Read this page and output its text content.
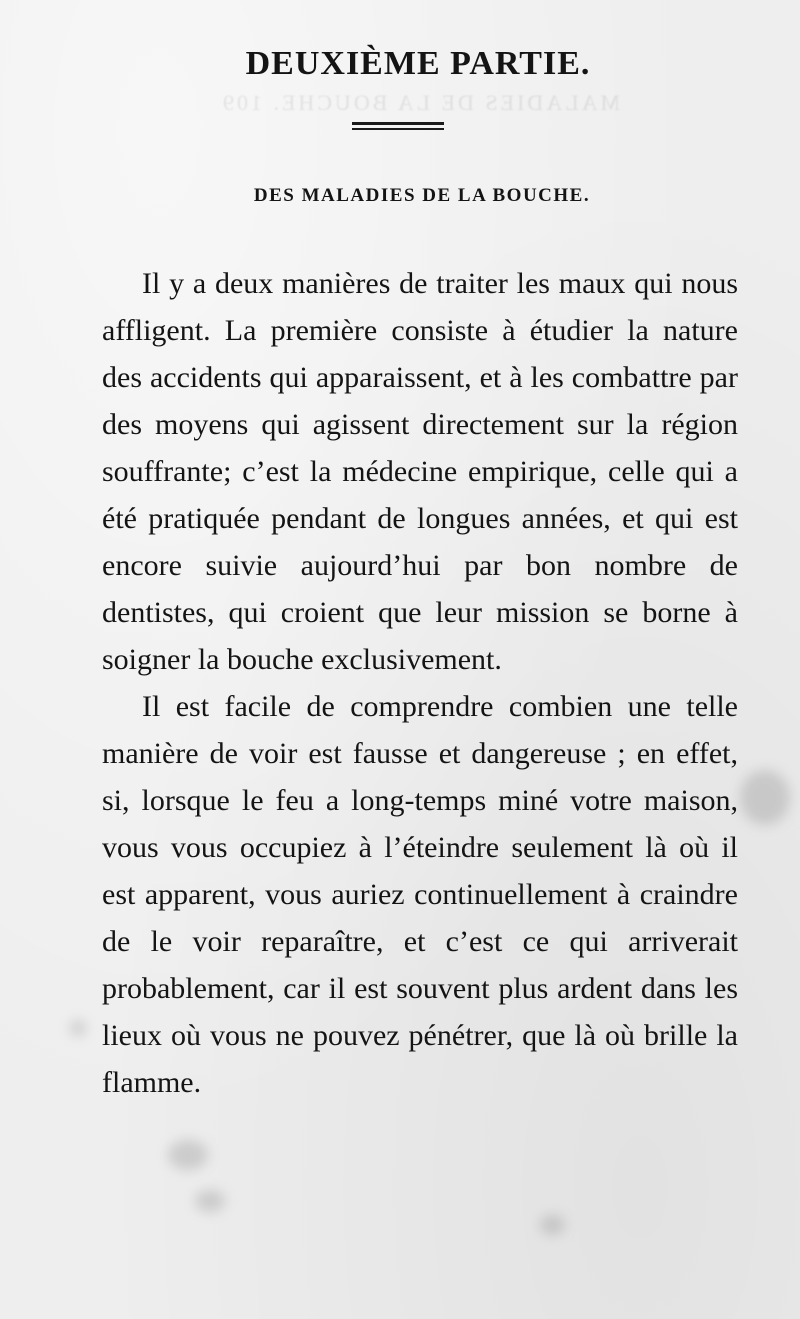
MALADIES DE LA BOUCHE. 109
DEUXIÈME PARTIE.
DES MALADIES DE LA BOUCHE.

Il y a deux manières de traiter les maux qui nous affligent. La première consiste à étudier la nature des accidents qui apparaissent, et à les combattre par des moyens qui agissent directement sur la région souffrante; c’est la médecine empirique, celle qui a été pratiquée pendant de longues années, et qui est encore suivie aujourd’hui par bon nombre de dentistes, qui croient que leur mission se borne à soigner la bouche exclusivement.

Il est facile de comprendre combien une telle manière de voir est fausse et dangereuse ; en effet, si, lorsque le feu a long-temps miné votre maison, vous vous occupiez à l’éteindre seulement là où il est apparent, vous auriez continuellement à craindre de le voir reparaître, et c’est ce qui arriverait probablement, car il est souvent plus ardent dans les lieux où vous ne pouvez pénétrer, que là où brille la flamme.
